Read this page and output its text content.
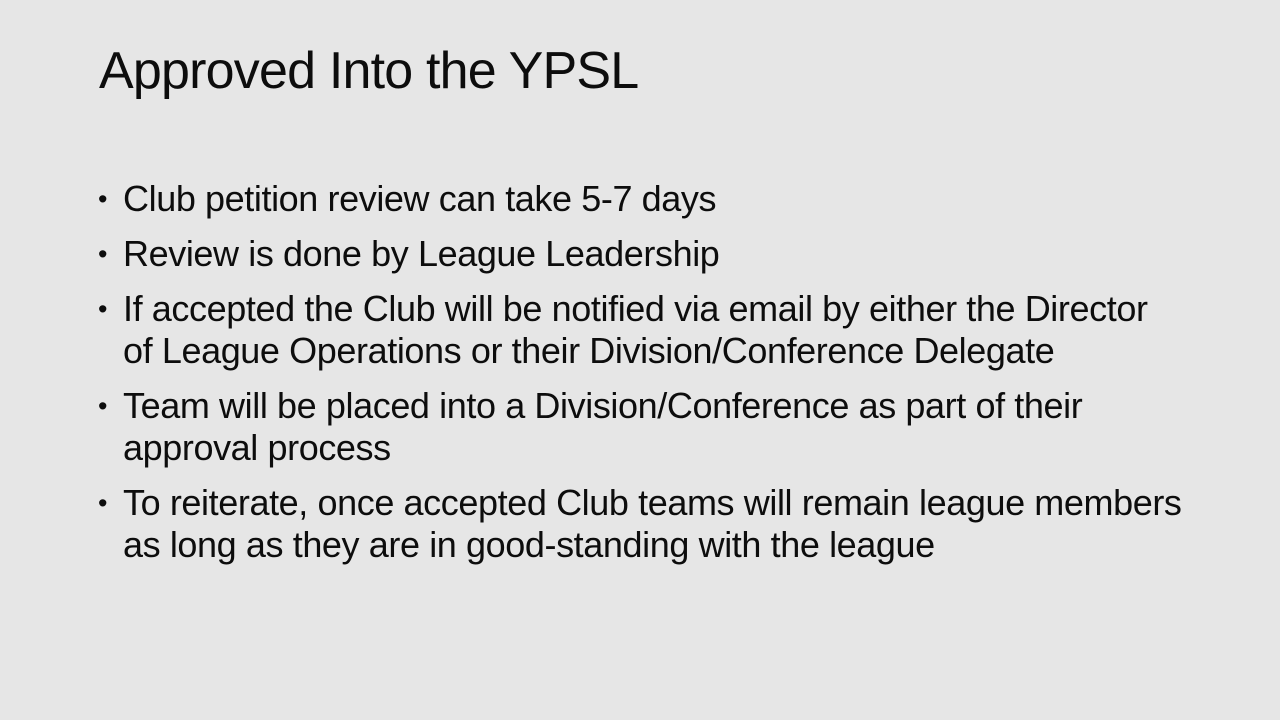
Approved Into the YPSL
• Club petition review can take 5-7 days
• Review is done by League Leadership
• If accepted the Club will be notified via email by either the Director of League Operations or their Division/Conference Delegate
• Team will be placed into a Division/Conference as part of their approval process
• To reiterate, once accepted Club teams will remain league members as long as they are in good-standing with the league
